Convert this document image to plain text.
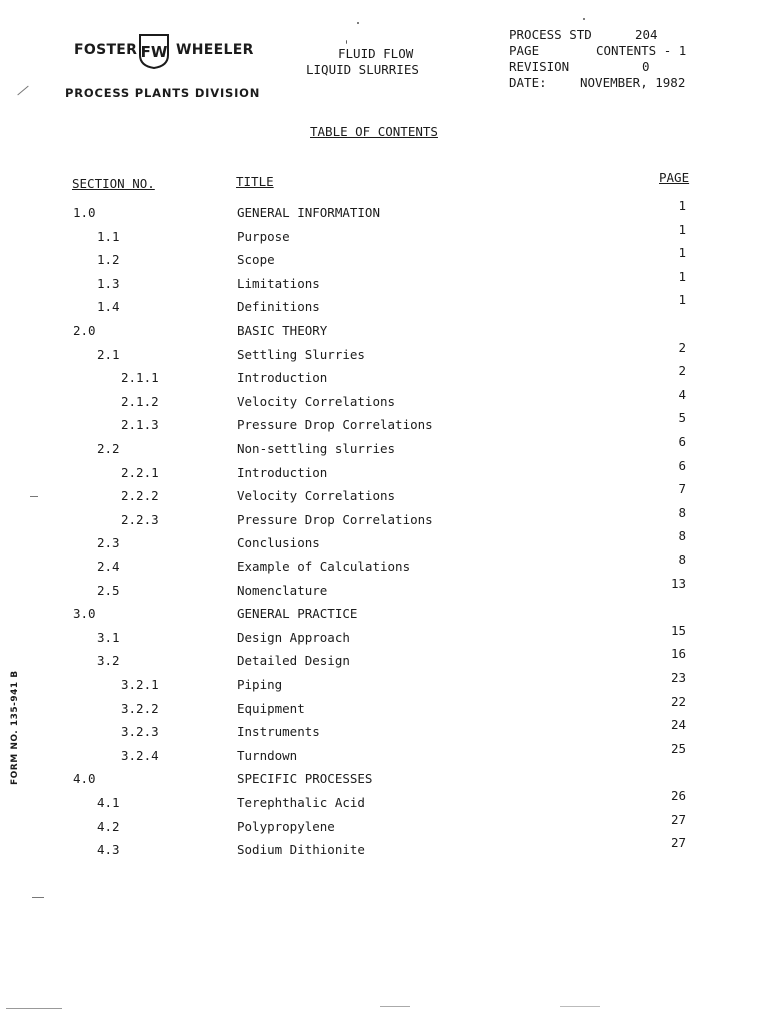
FOSTER FW WHEELER
PROCESS PLANTS DIVISION
FLUID FLOW
LIQUID SLURRIES
PROCESS STD	204
PAGE	CONTENTS - 1
REVISION	0
DATE:	NOVEMBER, 1982
TABLE OF CONTENTS
SECTION NO.	TITLE	PAGE
1.0	GENERAL INFORMATION	1
1.1	Purpose	1
1.2	Scope	1
1.3	Limitations	1
1.4	Definitions	1
2.0	BASIC THEORY
2.1	Settling Slurries	2
2.1.1	Introduction	2
2.1.2	Velocity Correlations	4
2.1.3	Pressure Drop Correlations	5
2.2	Non-settling slurries	6
2.2.1	Introduction	6
2.2.2	Velocity Correlations	7
2.2.3	Pressure Drop Correlations	8
2.3	Conclusions	8
2.4	Example of Calculations	8
2.5	Nomenclature	13
3.0	GENERAL PRACTICE
3.1	Design Approach	15
3.2	Detailed Design	16
3.2.1	Piping	23
3.2.2	Equipment	22
3.2.3	Instruments	24
3.2.4	Turndown	25
4.0	SPECIFIC PROCESSES
4.1	Terephthalic Acid	26
4.2	Polypropylene	27
4.3	Sodium Dithionite	27
FORM NO. 135-941 B
